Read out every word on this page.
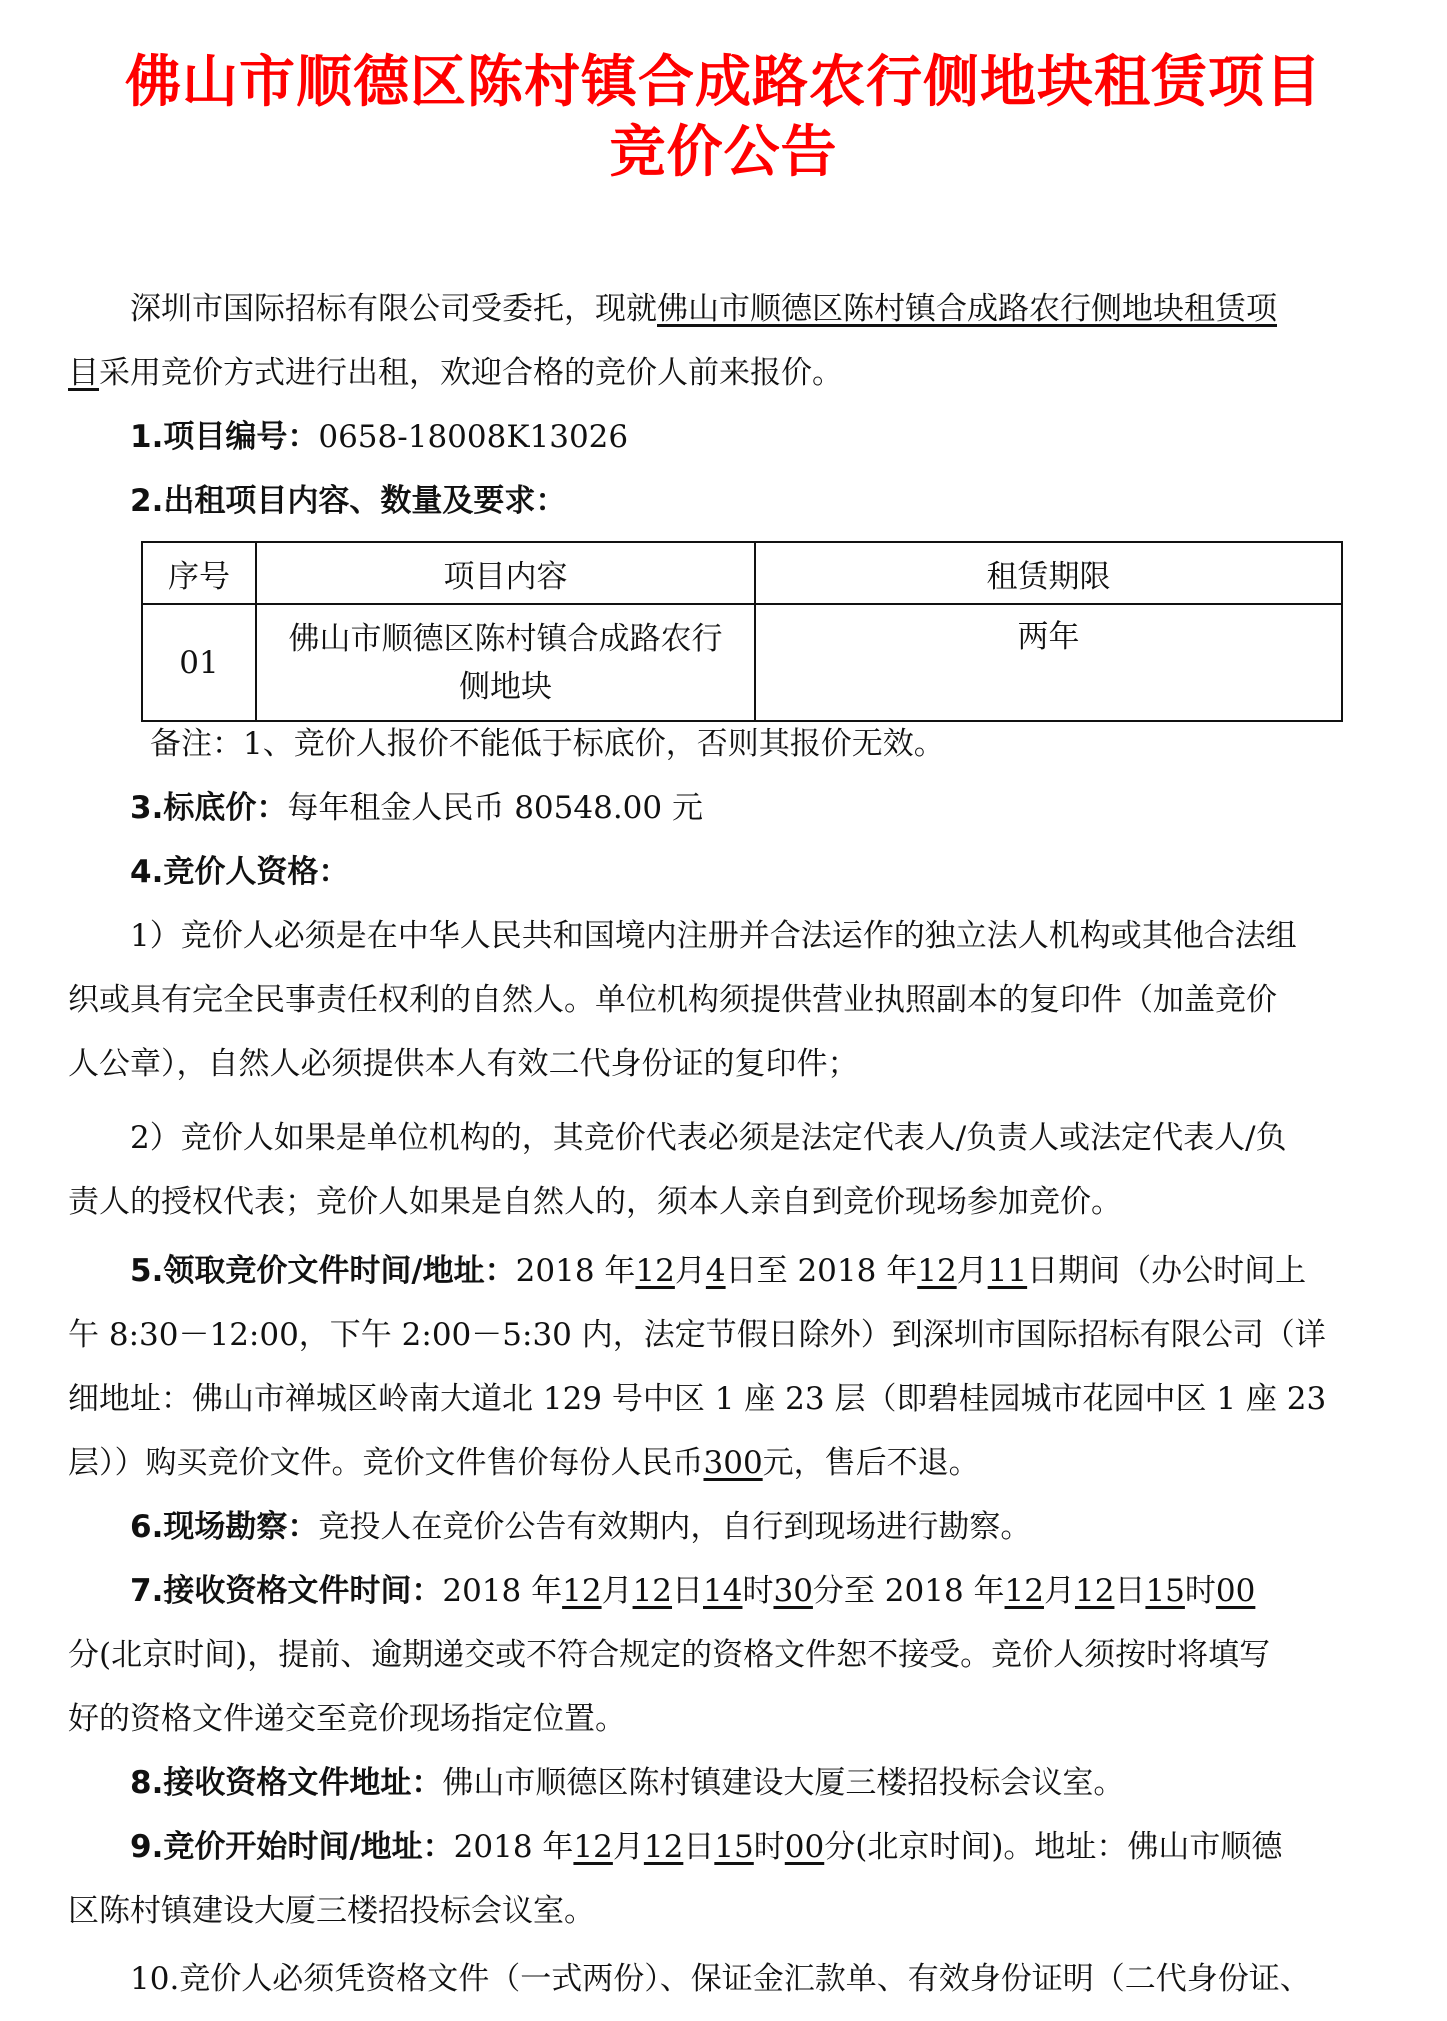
佛山市顺德区陈村镇合成路农行侧地块租赁项目
竞价公告
深圳市国际招标有限公司受委托，现就佛山市顺德区陈村镇合成路农行侧地块租赁项
目采用竞价方式进行出租，欢迎合格的竞价人前来报价。
1.项目编号：0658-18008K13026
2.出租项目内容、数量及要求：
序号	项目内容	租赁期限
01	佛山市顺德区陈村镇合成路农行
侧地块	两年
备注：1、竞价人报价不能低于标底价，否则其报价无效。
3.标底价：每年租金人民币 80548.00 元
4.竞价人资格：
1）竞价人必须是在中华人民共和国境内注册并合法运作的独立法人机构或其他合法组
织或具有完全民事责任权利的自然人。单位机构须提供营业执照副本的复印件（加盖竞价
人公章），自然人必须提供本人有效二代身份证的复印件；
2）竞价人如果是单位机构的，其竞价代表必须是法定代表人/负责人或法定代表人/负
责人的授权代表；竞价人如果是自然人的，须本人亲自到竞价现场参加竞价。
5.领取竞价文件时间/地址：2018 年12月4日至 2018 年12月11日期间（办公时间上
午 8:30－12:00，下午 2:00－5:30 内，法定节假日除外）到深圳市国际招标有限公司（详
细地址：佛山市禅城区岭南大道北 129 号中区 1 座 23 层（即碧桂园城市花园中区 1 座 23
层））购买竞价文件。竞价文件售价每份人民币300元，售后不退。
6.现场勘察：竞投人在竞价公告有效期内，自行到现场进行勘察。
7.接收资格文件时间：2018 年12月12日14时30分至 2018 年12月12日15时00
分(北京时间)，提前、逾期递交或不符合规定的资格文件恕不接受。竞价人须按时将填写
好的资格文件递交至竞价现场指定位置。
8.接收资格文件地址：佛山市顺德区陈村镇建设大厦三楼招投标会议室。
9.竞价开始时间/地址：2018 年12月12日15时00分(北京时间)。地址：佛山市顺德
区陈村镇建设大厦三楼招投标会议室。
10.竞价人必须凭资格文件（一式两份）、保证金汇款单、有效身份证明（二代身份证、
